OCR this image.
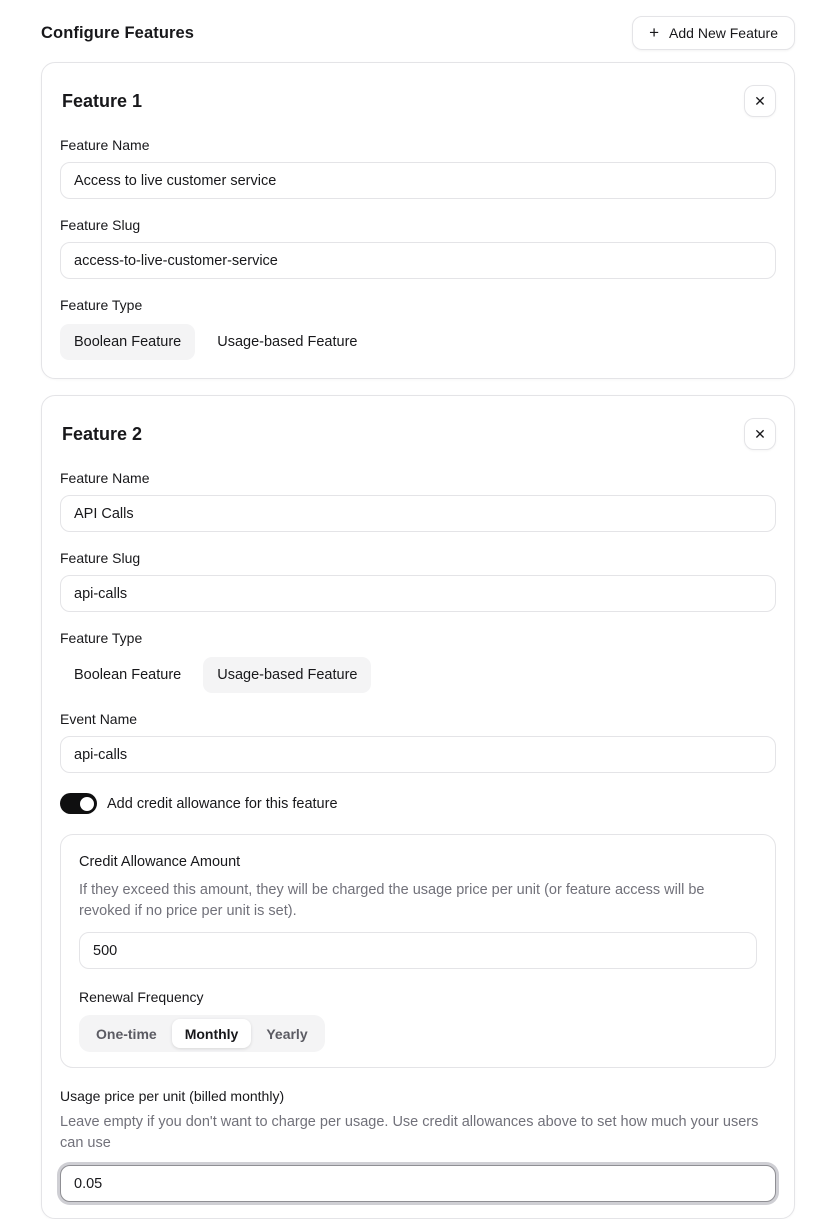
Configure Features	+ Add New Feature
Feature 1	✕
Feature Name
Access to live customer service
Feature Slug
access-to-live-customer-service
Feature Type
Boolean Feature	Usage-based Feature
Feature 2	✕
Feature Name
API Calls
Feature Slug
api-calls
Feature Type
Boolean Feature	Usage-based Feature
Event Name
api-calls
Add credit allowance for this feature
Credit Allowance Amount
If they exceed this amount, they will be charged the usage price per unit (or feature access will be revoked if no price per unit is set).
500
Renewal Frequency
One-time	Monthly	Yearly
Usage price per unit (billed monthly)
Leave empty if you don't want to charge per usage. Use credit allowances above to set how much your users can use
0.05
